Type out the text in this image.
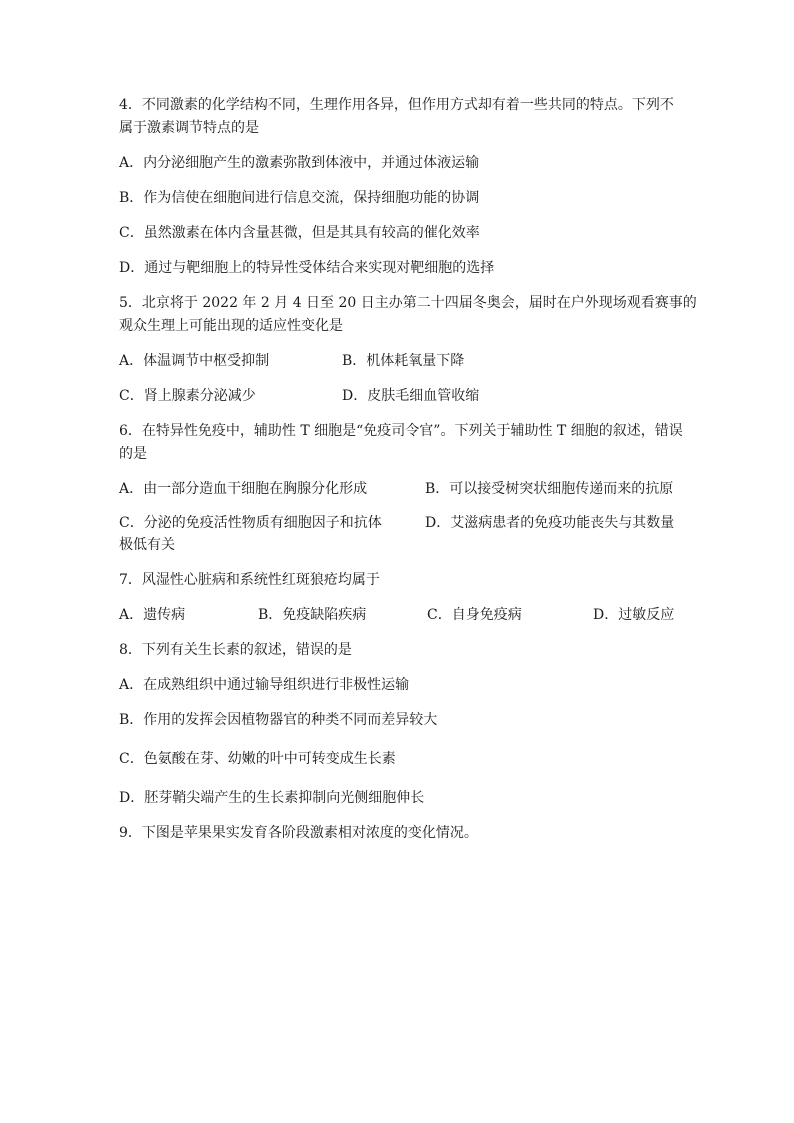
4．不同激素的化学结构不同，生理作用各异，但作用方式却有着一些共同的特点。下列不
属于激素调节特点的是
A．内分泌细胞产生的激素弥散到体液中，并通过体液运输
B．作为信使在细胞间进行信息交流，保持细胞功能的协调
C．虽然激素在体内含量甚微，但是其具有较高的催化效率
D．通过与靶细胞上的特异性受体结合来实现对靶细胞的选择
5．北京将于 2022 年 2 月 4 日至 20 日主办第二十四届冬奥会，届时在户外现场观看赛事的
观众生理上可能出现的适应性变化是
A．体温调节中枢受抑制	B．机体耗氧量下降
C．肾上腺素分泌减少	D．皮肤毛细血管收缩
6．在特异性免疫中，辅助性 T 细胞是“免疫司令官”。下列关于辅助性 T 细胞的叙述，错误
的是
A．由一部分造血干细胞在胸腺分化形成	B．可以接受树突状细胞传递而来的抗原
C．分泌的免疫活性物质有细胞因子和抗体	D．艾滋病患者的免疫功能丧失与其数量
极低有关
7．风湿性心脏病和系统性红斑狼疮均属于
A．遗传病	B．免疫缺陷疾病	C．自身免疫病	D．过敏反应
8．下列有关生长素的叙述，错误的是
A．在成熟组织中通过输导组织进行非极性运输
B．作用的发挥会因植物器官的种类不同而差异较大
C．色氨酸在芽、幼嫩的叶中可转变成生长素
D．胚芽鞘尖端产生的生长素抑制向光侧细胞伸长
9．下图是苹果果实发育各阶段激素相对浓度的变化情况。
